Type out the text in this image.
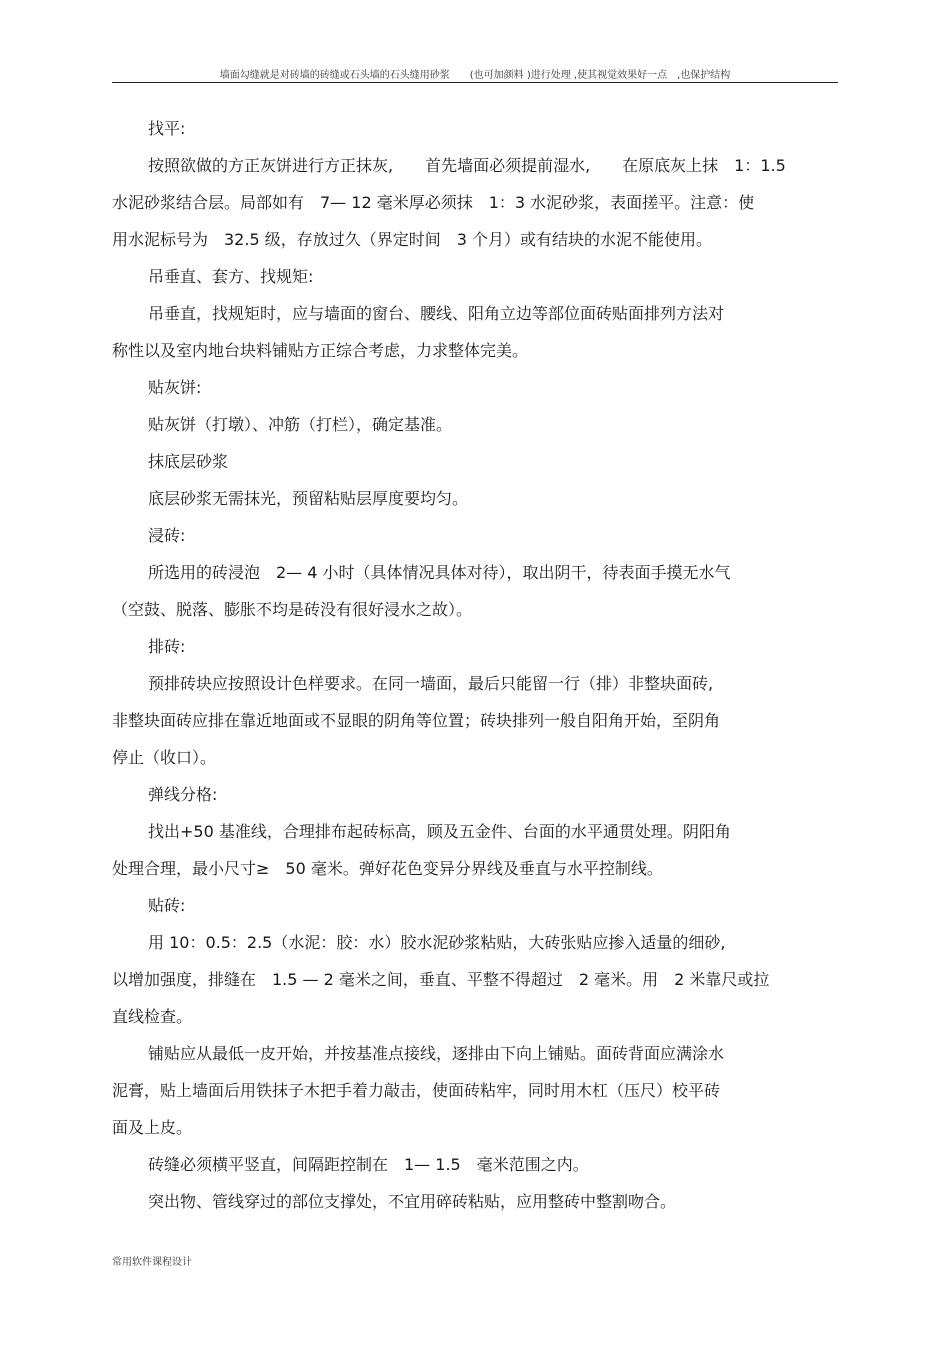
墙面勾缝就是对砖墙的砖缝或石头墙的石头缝用砂浆　　(也可加颜料 )进行处理 ,使其视觉效果好一点　,也保护结构
找平:
按照欲做的方正灰饼进行方正抹灰,　　首先墙面必须提前湿水,　　在原底灰上抹　1：1.5
水泥砂浆结合层。局部如有　7— 12 毫米厚必须抹　1：3 水泥砂浆，表面搓平。注意：使
用水泥标号为　32.5 级，存放过久（界定时间　3 个月）或有结块的水泥不能使用。
吊垂直、套方、找规矩:
吊垂直，找规矩时，应与墙面的窗台、腰线、阳角立边等部位面砖贴面排列方法对
称性以及室内地台块料铺贴方正综合考虑，力求整体完美。
贴灰饼:
贴灰饼（打墩）、冲筋（打栏），确定基准。
抹底层砂浆
底层砂浆无需抹光，预留粘贴层厚度要均匀。
浸砖:
所选用的砖浸泡　2— 4 小时（具体情况具体对待），取出阴干，待表面手摸无水气
（空鼓、脱落、膨胀不均是砖没有很好浸水之故）。
排砖:
预排砖块应按照设计色样要求。在同一墙面，最后只能留一行（排）非整块面砖,
非整块面砖应排在靠近地面或不显眼的阴角等位置；砖块排列一般自阳角开始，至阴角
停止（收口）。
弹线分格:
找出+50 基准线，合理排布起砖标高，顾及五金件、台面的水平通贯处理。阴阳角
处理合理，最小尺寸≥　50 毫米。弹好花色变异分界线及垂直与水平控制线。
贴砖:
用 10：0.5：2.5（水泥：胶：水）胶水泥砂浆粘贴，大砖张贴应掺入适量的细砂,
以增加强度，排缝在　1.5 — 2 毫米之间，垂直、平整不得超过　2 毫米。用　2 米靠尺或拉
直线检查。
铺贴应从最低一皮开始，并按基准点接线，逐排由下向上铺贴。面砖背面应满涂水
泥膏，贴上墙面后用铁抹子木把手着力敲击，使面砖粘牢，同时用木杠（压尺）校平砖
面及上皮。
砖缝必须横平竖直，间隔距控制在　1— 1.5　毫米范围之内。
突出物、管线穿过的部位支撑处，不宜用碎砖粘贴，应用整砖中整割吻合。
常用软件课程设计
